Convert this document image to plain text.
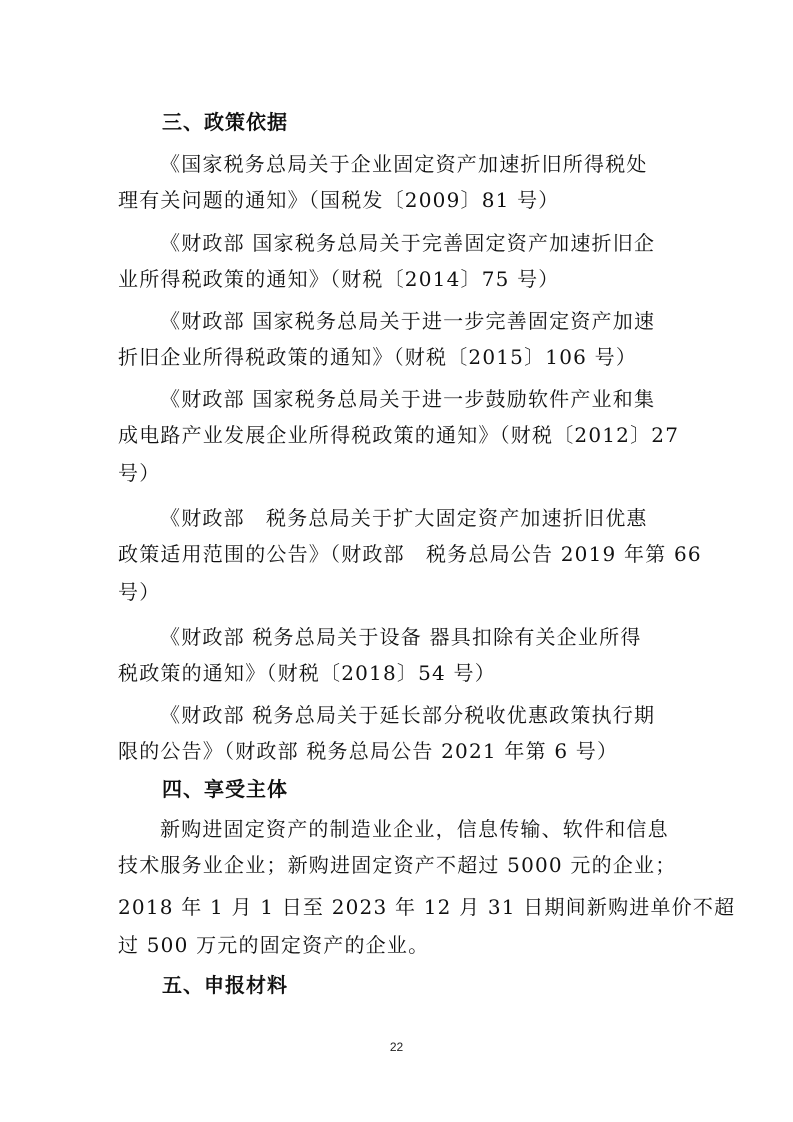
三、政策依据
《国家税务总局关于企业固定资产加速折旧所得税处
理有关问题的通知》（国税发〔2009〕81 号）
《财政部 国家税务总局关于完善固定资产加速折旧企
业所得税政策的通知》（财税〔2014〕75 号）
《财政部 国家税务总局关于进一步完善固定资产加速
折旧企业所得税政策的通知》（财税〔2015〕106 号）
《财政部 国家税务总局关于进一步鼓励软件产业和集
成电路产业发展企业所得税政策的通知》（财税〔2012〕27
号）
《财政部　税务总局关于扩大固定资产加速折旧优惠
政策适用范围的公告》（财政部　税务总局公告 2019 年第 66
号）
《财政部 税务总局关于设备 器具扣除有关企业所得
税政策的通知》（财税〔2018〕54 号）
《财政部 税务总局关于延长部分税收优惠政策执行期
限的公告》（财政部 税务总局公告 2021 年第 6 号）
四、享受主体
新购进固定资产的制造业企业，信息传输、软件和信息
技术服务业企业；新购进固定资产不超过 5000 元的企业；
2018 年 1 月 1 日至 2023 年 12 月 31 日期间新购进单价不超
过 500 万元的固定资产的企业。
五、申报材料
22
